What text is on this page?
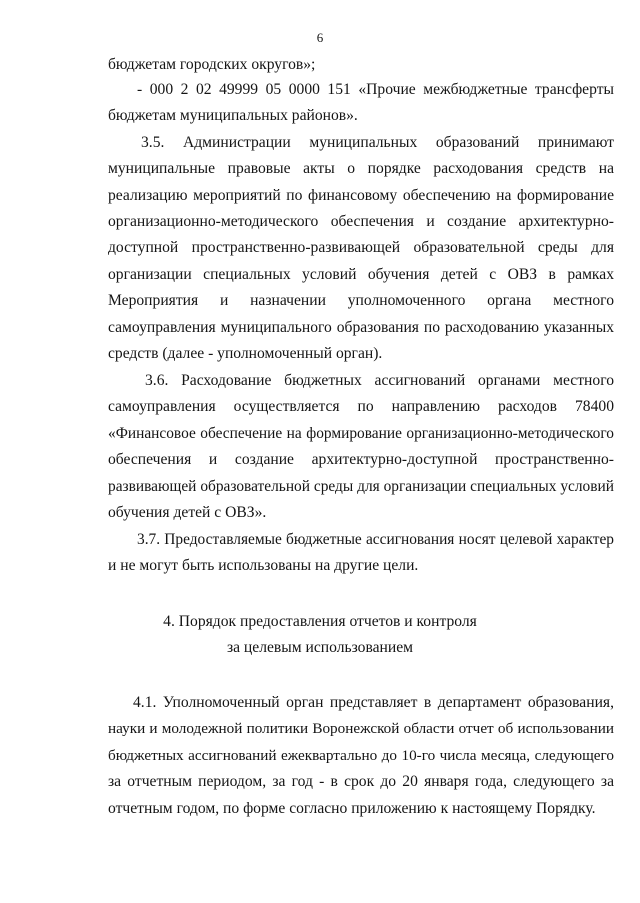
6
бюджетам городских округов»;
- 000 2 02 49999 05 0000 151 «Прочие межбюджетные трансферты
бюджетам муниципальных районов».
3.5. Администрации муниципальных образований принимают
муниципальные правовые акты о порядке расходования средств на
реализацию мероприятий по финансовому обеспечению на формирование
организационно-методического обеспечения и создание архитектурно-
доступной пространственно-развивающей образовательной среды для
организации специальных условий обучения детей с ОВЗ в рамках
Мероприятия и назначении уполномоченного органа местного
самоуправления муниципального образования по расходованию указанных
средств (далее - уполномоченный орган).
3.6. Расходование бюджетных ассигнований органами местного
самоуправления осуществляется по направлению расходов 78400
«Финансовое обеспечение на формирование организационно-методического
обеспечения и создание архитектурно-доступной пространственно-
развивающей образовательной среды для организации специальных условий
обучения детей с ОВЗ».
3.7. Предоставляемые бюджетные ассигнования носят целевой характер
и не могут быть использованы на другие цели.
4. Порядок предоставления отчетов и контроля
за целевым использованием
4.1. Уполномоченный орган представляет в департамент образования,
науки и молодежной политики Воронежской области отчет об использовании
бюджетных ассигнований ежеквартально до 10-го числа месяца, следующего
за отчетным периодом, за год - в срок до 20 января года, следующего за
отчетным годом, по форме согласно приложению к настоящему Порядку.
